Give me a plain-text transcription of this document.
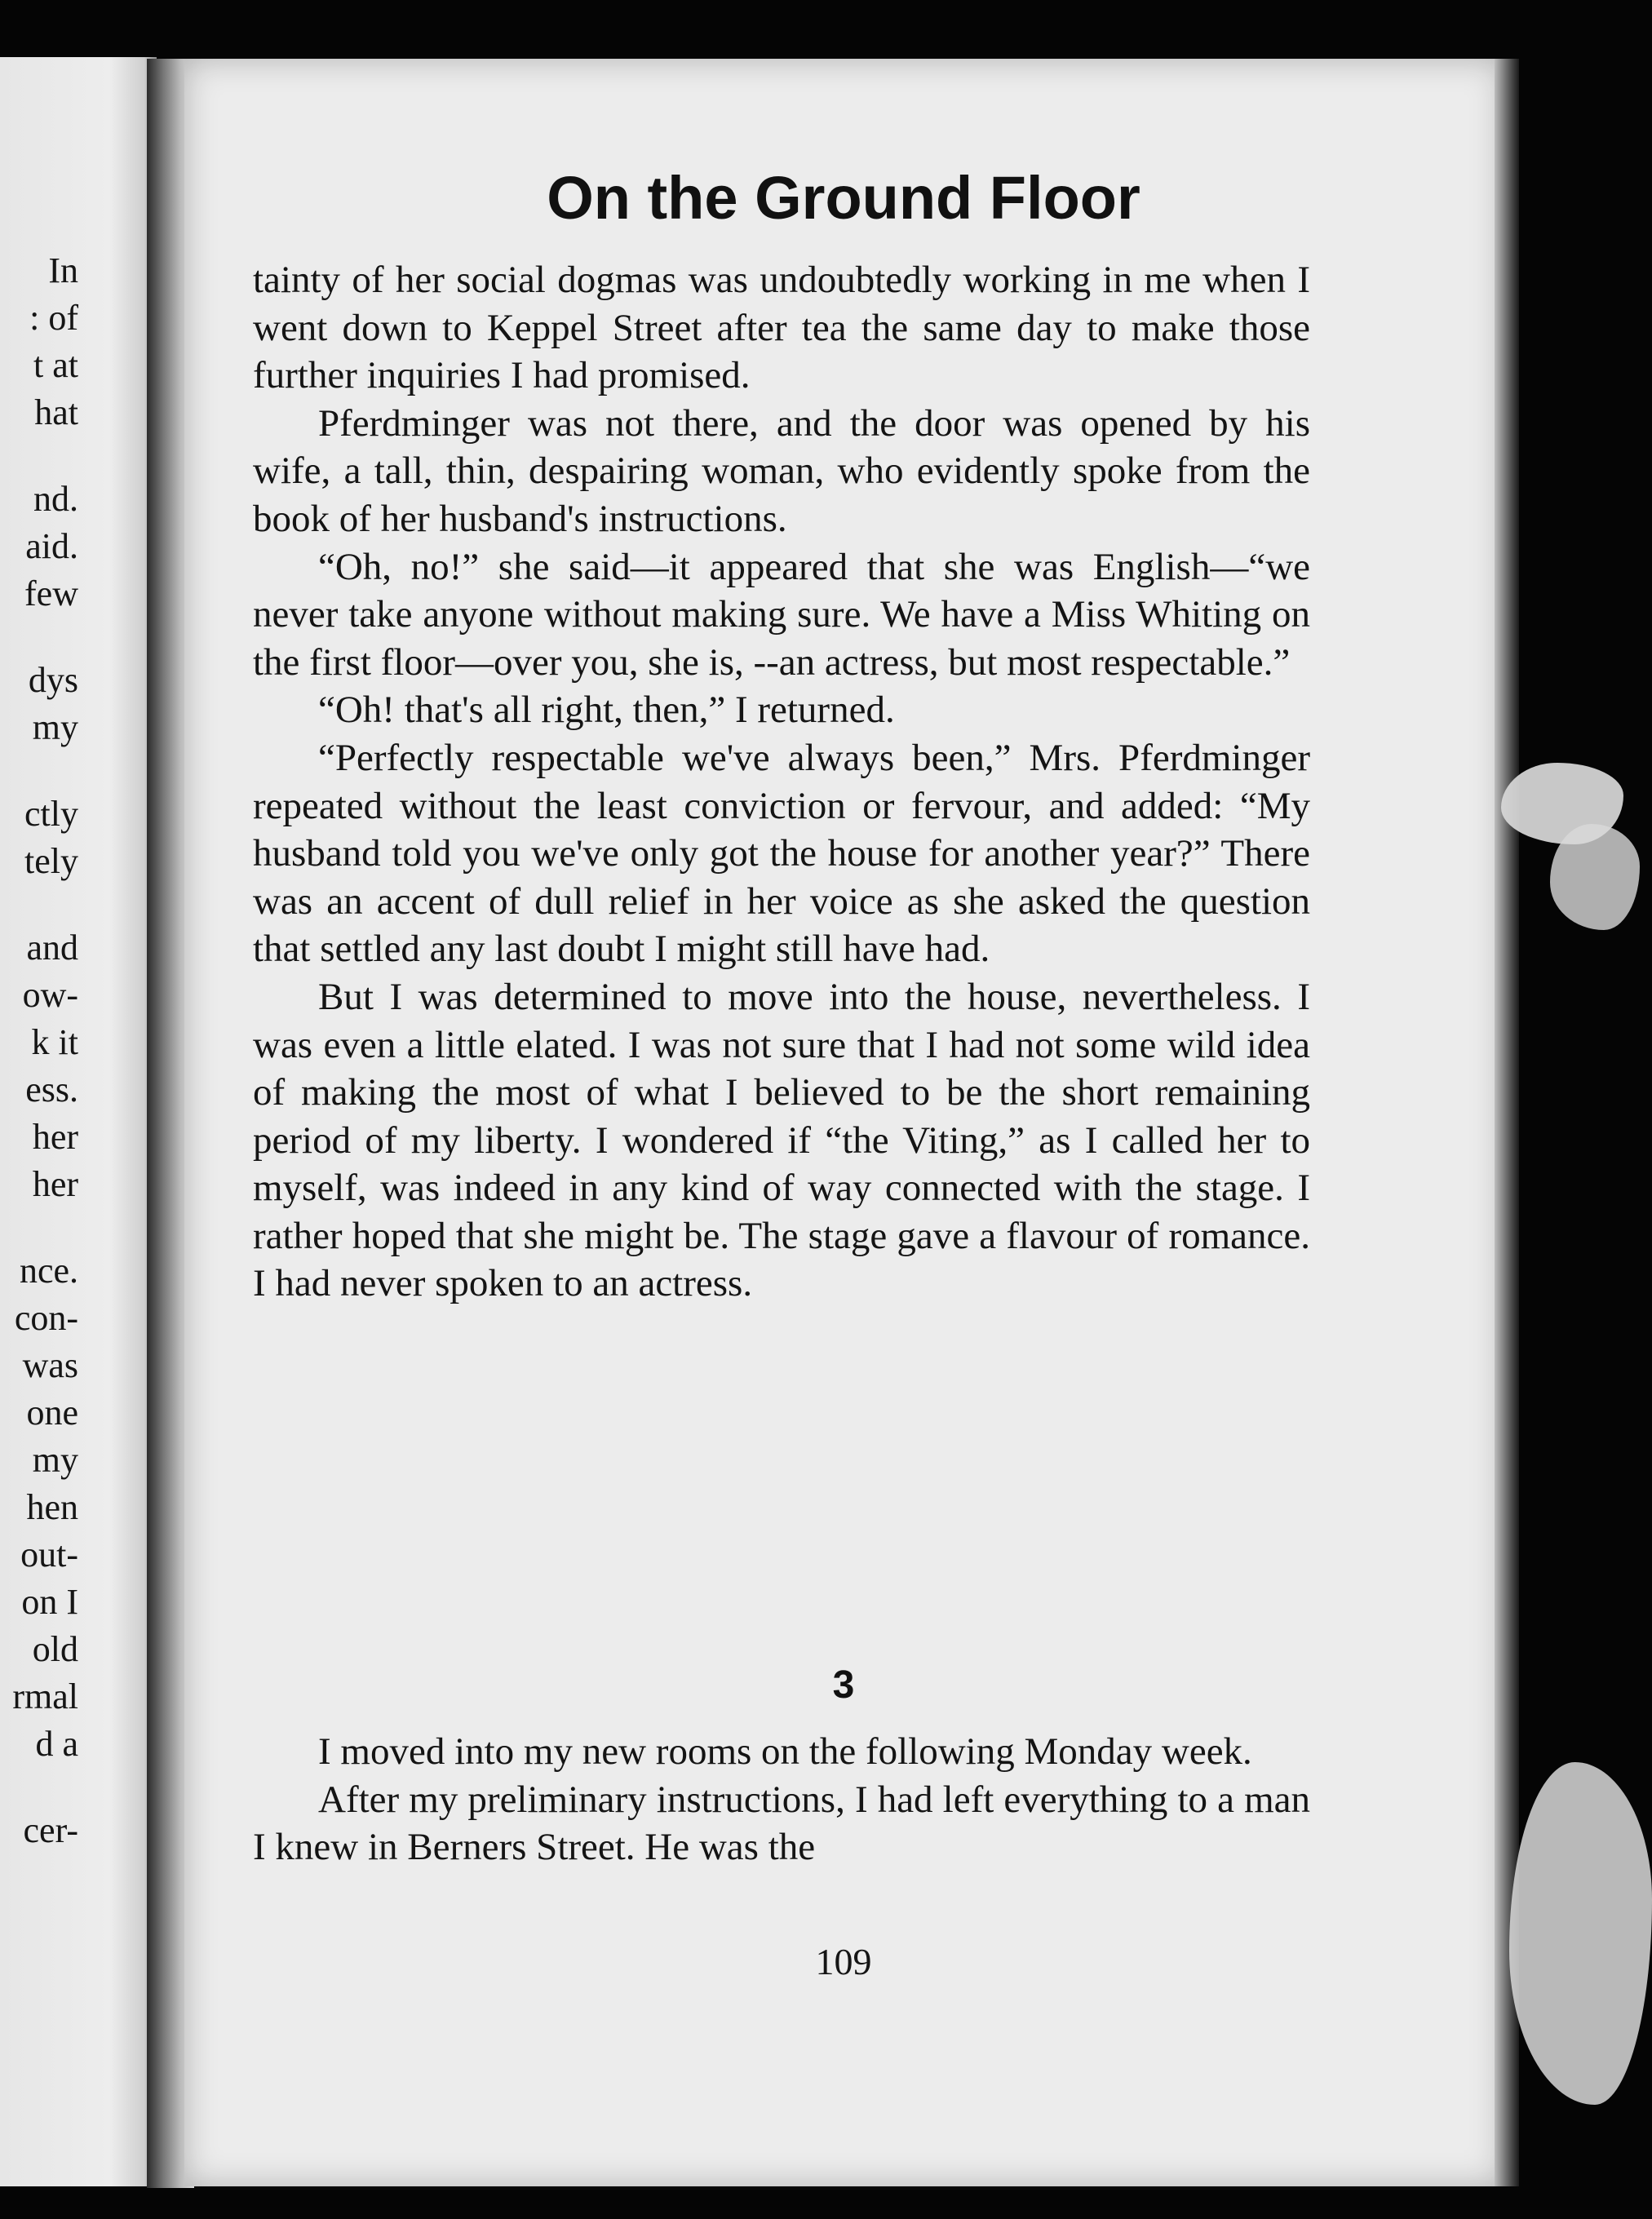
In
: of
t at
hat
nd.
aid.
few
dys
my
ctly
tely
and
ow-
k it
ess.
her
her
nce.
con-
was
one
my
hen
out-
on I
old
rmal
d a
cer-
On the Ground Floor

tainty of her social dogmas was undoubtedly working in me when I went down to Keppel Street after tea the same day to make those further inquiries I had promised.

Pferdminger was not there, and the door was opened by his wife, a tall, thin, despairing woman, who evidently spoke from the book of her husband's instructions.

“Oh, no!” she said—it appeared that she was English—“we never take anyone without making sure. We have a Miss Whiting on the first floor—over you, she is, --an actress, but most respectable.”

“Oh! that's all right, then,” I returned.

“Perfectly respectable we've always been,” Mrs. Pferdminger repeated without the least conviction or fervour, and added: “My husband told you we've only got the house for another year?” There was an accent of dull relief in her voice as she asked the question that settled any last doubt I might still have had.

But I was determined to move into the house, nevertheless. I was even a little elated. I was not sure that I had not some wild idea of making the most of what I believed to be the short remaining period of my liberty. I wondered if “the Viting,” as I called her to myself, was indeed in any kind of way connected with the stage. I rather hoped that she might be. The stage gave a flavour of romance. I had never spoken to an actress.

3

I moved into my new rooms on the following Monday week.

After my preliminary instructions, I had left everything to a man I knew in Berners Street. He was the

109
